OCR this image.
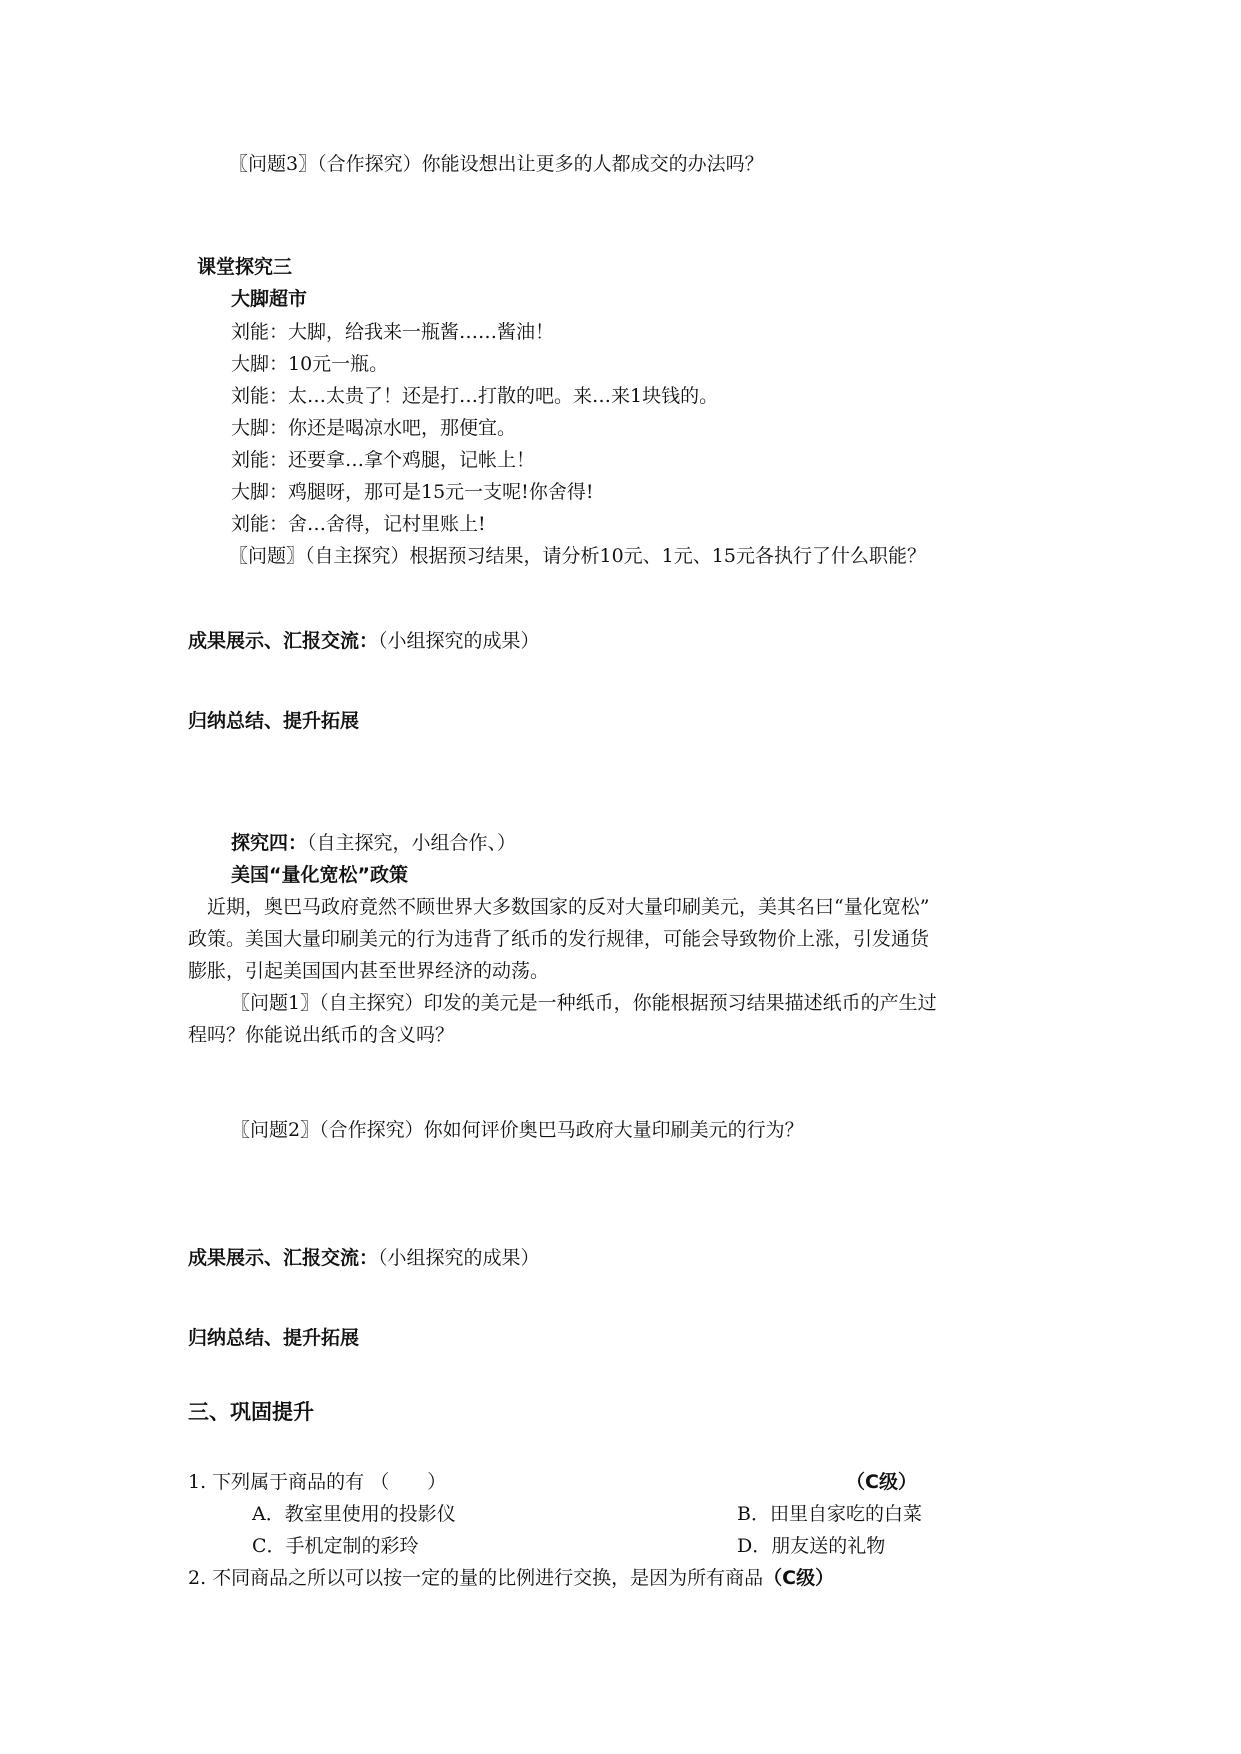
〖问题3〗（合作探究）你能设想出让更多的人都成交的办法吗？
课堂探究三
大脚超市
刘能：大脚，给我来一瓶酱……酱油！
大脚：10元一瓶。
刘能：太…太贵了！还是打…打散的吧。来…来1块钱的。
大脚：你还是喝凉水吧，那便宜。
刘能：还要拿…拿个鸡腿，记帐上！
大脚：鸡腿呀，那可是15元一支呢!你舍得!
刘能：舍…舍得，记村里账上!
〖问题〗（自主探究）根据预习结果，请分析10元、1元、15元各执行了什么职能？
成果展示、汇报交流：（小组探究的成果）
归纳总结、提升拓展
探究四：（自主探究，小组合作、）
美国“量化宽松”政策
近期，奥巴马政府竟然不顾世界大多数国家的反对大量印刷美元，美其名曰“量化宽松”
政策。美国大量印刷美元的行为违背了纸币的发行规律，可能会导致物价上涨，引发通货
膨胀，引起美国国内甚至世界经济的动荡。
〖问题1〗（自主探究）印发的美元是一种纸币，你能根据预习结果描述纸币的产生过
程吗？你能说出纸币的含义吗？
〖问题2〗（合作探究）你如何评价奥巴马政府大量印刷美元的行为？
成果展示、汇报交流：（小组探究的成果）
归纳总结、提升拓展
三、巩固提升
1. 下列属于商品的有 （　　）	（C级）
A．教室里使用的投影仪	B．田里自家吃的白菜
C．手机定制的彩玲	D．朋友送的礼物
2. 不同商品之所以可以按一定的量的比例进行交换，是因为所有商品（C级）
